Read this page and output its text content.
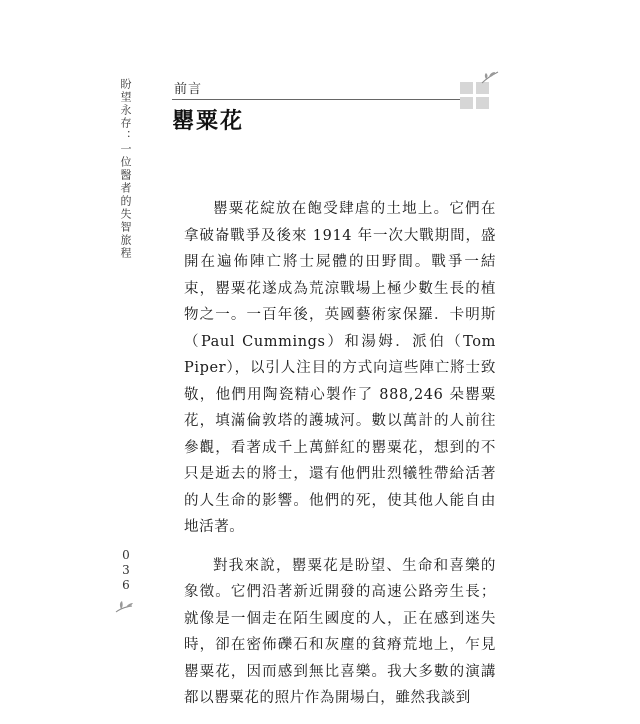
盼望永存：一位醫者的失智旅程	前言
罌粟花

罌粟花綻放在飽受肆虐的土地上。它們在拿破崙戰爭及後來 1914 年一次大戰期間，盛開在遍佈陣亡將士屍體的田野間。戰爭一結束，罌粟花遂成為荒涼戰場上極少數生長的植物之一。一百年後，英國藝術家保羅．卡明斯（Paul Cummings）和湯姆．派伯（Tom Piper），以引人注目的方式向這些陣亡將士致敬，他們用陶瓷精心製作了 888,246 朵罌粟花，填滿倫敦塔的護城河。數以萬計的人前往參觀，看著成千上萬鮮紅的罌粟花，想到的不只是逝去的將士，還有他們壯烈犧牲帶給活著的人生命的影響。他們的死，使其他人能自由地活著。

對我來說，罌粟花是盼望、生命和喜樂的象徵。它們沿著新近開發的高速公路旁生長；就像是一個走在陌生國度的人，正在感到迷失時，卻在密佈礫石和灰塵的貧瘠荒地上，乍見罌粟花，因而感到無比喜樂。我大多數的演講都以罌粟花的照片作為開場白，雖然我談到

036
